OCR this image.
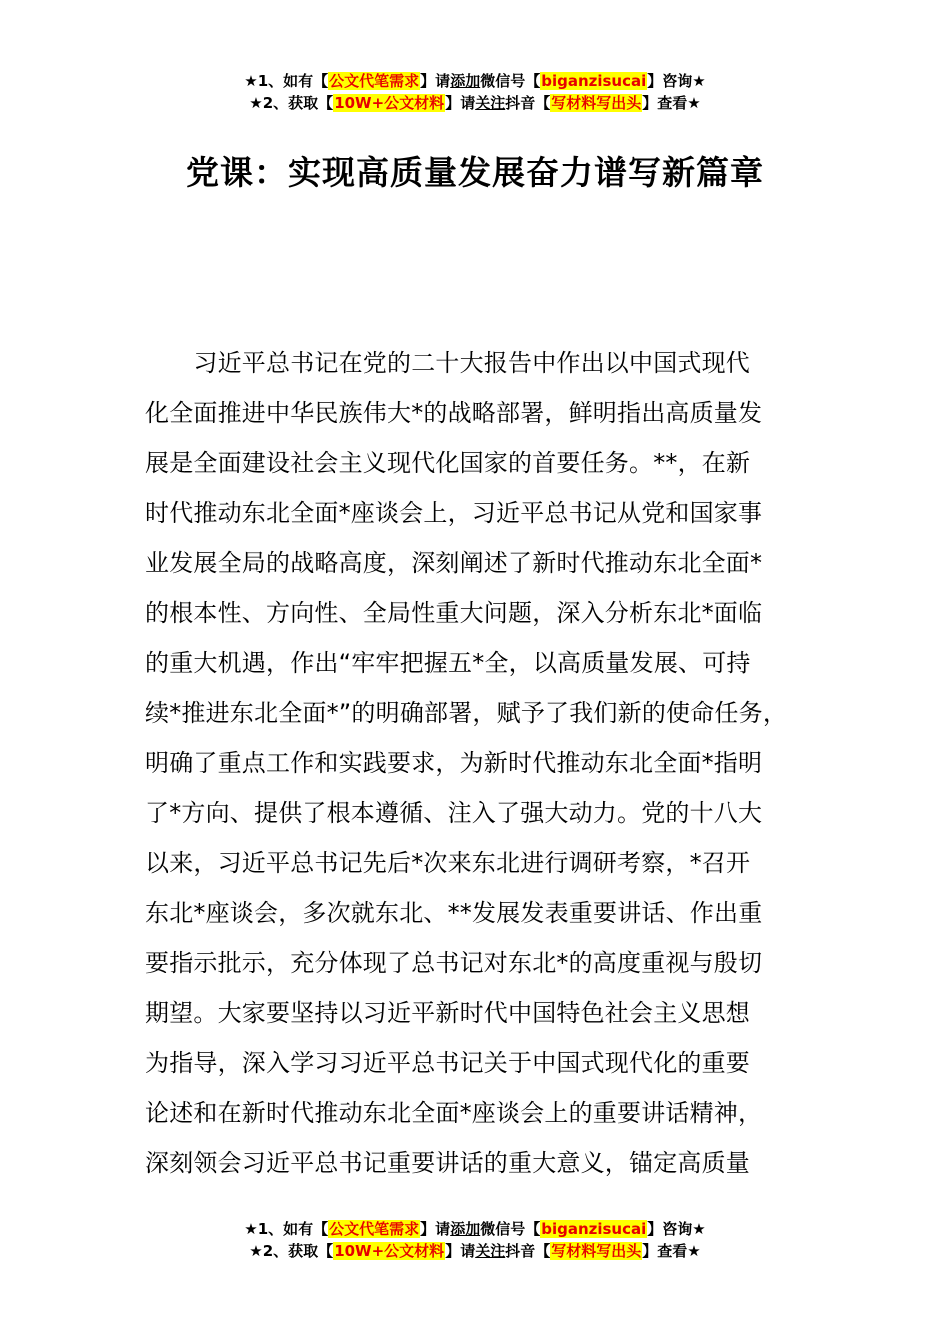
★1、如有【公文代笔需求】请添加微信号【biganzisucai】咨询★
★2、获取【10W+公文材料】请关注抖音【写材料写出头】查看★
党课：实现高质量发展奋力谱写新篇章
　　习近平总书记在党的二十大报告中作出以中国式现代
化全面推进中华民族伟大*的战略部署，鲜明指出高质量发
展是全面建设社会主义现代化国家的首要任务。**，在新
时代推动东北全面*座谈会上，习近平总书记从党和国家事
业发展全局的战略高度，深刻阐述了新时代推动东北全面*
的根本性、方向性、全局性重大问题，深入分析东北*面临
的重大机遇，作出“牢牢把握五*全，以高质量发展、可持
续*推进东北全面*”的明确部署，赋予了我们新的使命任务，
明确了重点工作和实践要求，为新时代推动东北全面*指明
了*方向、提供了根本遵循、注入了强大动力。党的十八大
以来，习近平总书记先后*次来东北进行调研考察，*召开
东北*座谈会，多次就东北、**发展发表重要讲话、作出重
要指示批示，充分体现了总书记对东北*的高度重视与殷切
期望。大家要坚持以习近平新时代中国特色社会主义思想
为指导，深入学习习近平总书记关于中国式现代化的重要
论述和在新时代推动东北全面*座谈会上的重要讲话精神，
深刻领会习近平总书记重要讲话的重大意义，锚定高质量
★1、如有【公文代笔需求】请添加微信号【biganzisucai】咨询★
★2、获取【10W+公文材料】请关注抖音【写材料写出头】查看★
